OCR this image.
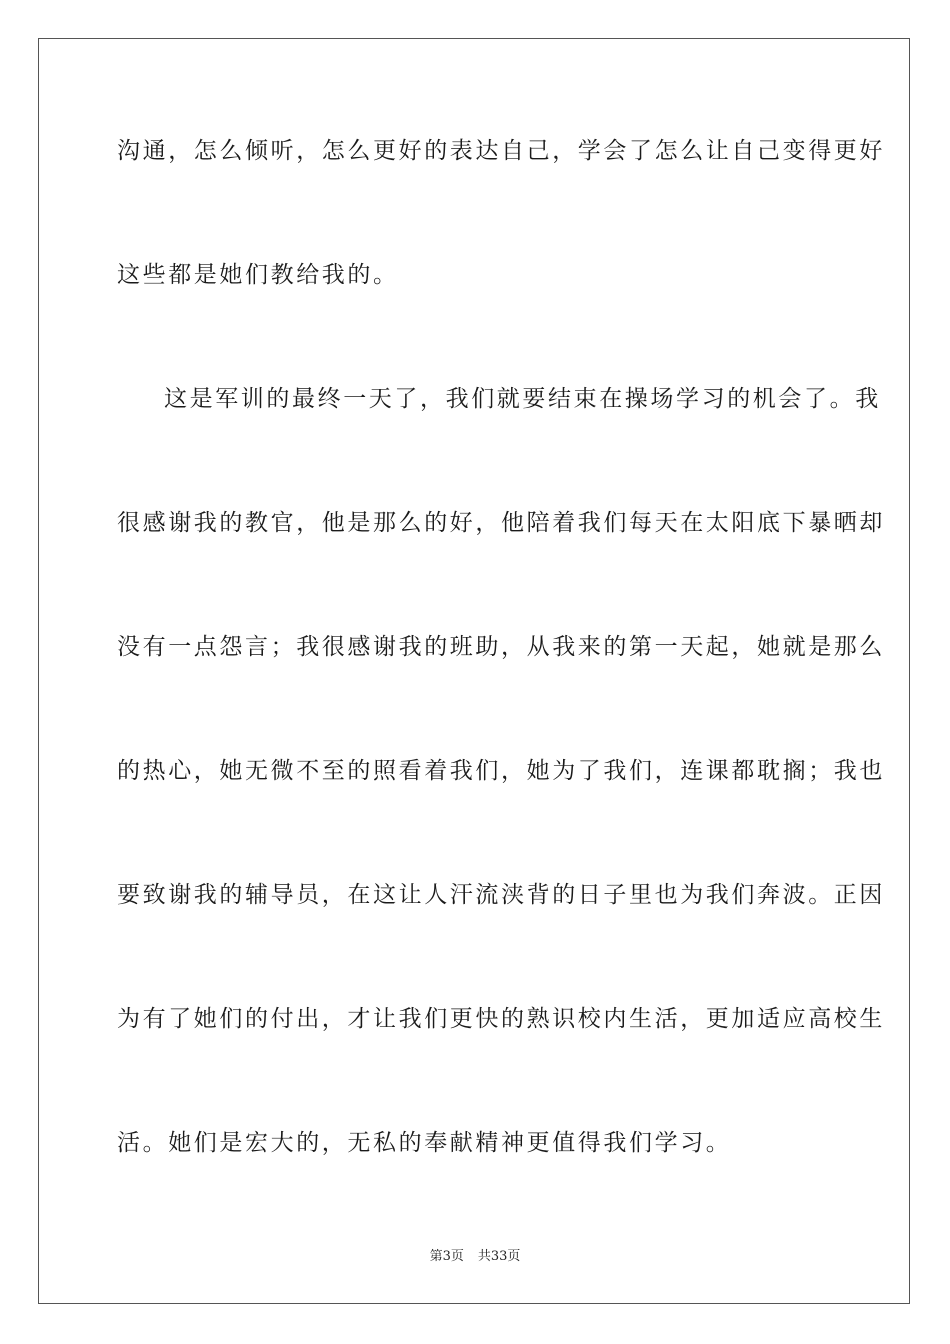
沟通，怎么倾听，怎么更好的表达自己，学会了怎么让自己变得更好
这些都是她们教给我的。
这是军训的最终一天了，我们就要结束在操场学习的机会了。我
很感谢我的教官，他是那么的好，他陪着我们每天在太阳底下暴晒却
没有一点怨言；我很感谢我的班助，从我来的第一天起，她就是那么
的热心，她无微不至的照看着我们，她为了我们，连课都耽搁；我也
要致谢我的辅导员，在这让人汗流浃背的日子里也为我们奔波。正因
为有了她们的付出，才让我们更快的熟识校内生活，更加适应高校生
活。她们是宏大的，无私的奉献精神更值得我们学习。
第3页 共33页
